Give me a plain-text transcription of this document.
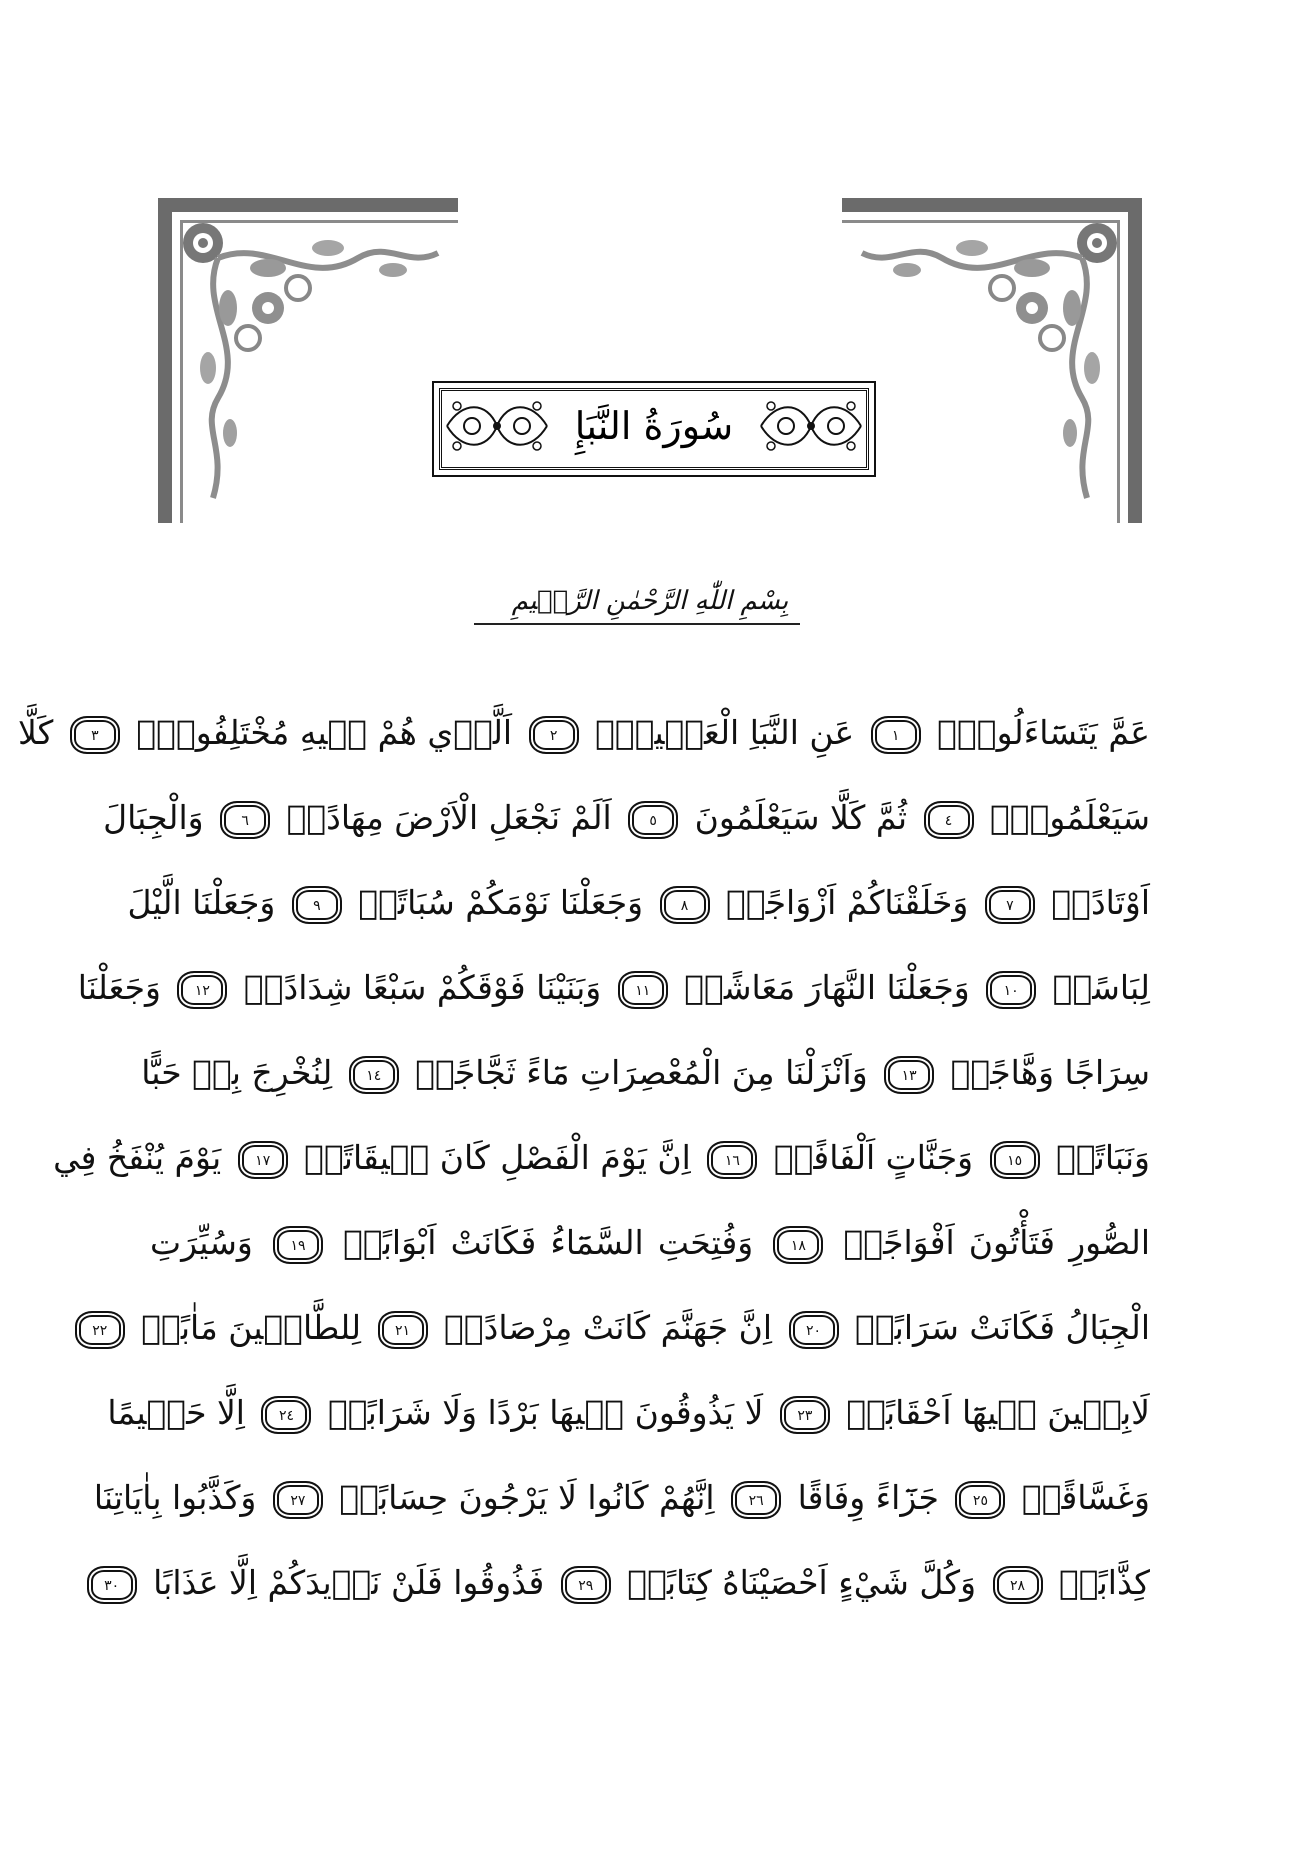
سُورَةُ النَّبَإِ
بِسْمِ اللّٰهِ الرَّحْمٰنِ الرَّح۪يمِ
عَمَّ يَتَسَٓاءَلُونَۚ
١
عَنِ النَّبَاِ الْعَظ۪يمِۙ
٢
اَلَّذ۪ي هُمْ ف۪يهِ مُخْتَلِفُونَۜ
٣
كَلَّا
سَيَعْلَمُونَۙ
٤
ثُمَّ كَلَّا سَيَعْلَمُونَ
٥
اَلَمْ نَجْعَلِ الْاَرْضَ مِهَادًاۙ
٦
وَالْجِبَالَ
اَوْتَادًاۖ
٧
وَخَلَقْنَاكُمْ اَزْوَاجًاۙ
٨
وَجَعَلْنَا نَوْمَكُمْ سُبَاتًاۙ
٩
وَجَعَلْنَا الَّيْلَ
لِبَاسًاۙ
١٠
وَجَعَلْنَا النَّهَارَ مَعَاشًاۖ
١١
وَبَنَيْنَا فَوْقَكُمْ سَبْعًا شِدَادًاۙ
١٢
وَجَعَلْنَا
سِرَاجًا وَهَّاجًاۖ
١٣
وَاَنْزَلْنَا مِنَ الْمُعْصِرَاتِ مَٓاءً ثَجَّاجًاۙ
١٤
لِنُخْرِجَ بِه۪ حَبًّا
وَنَبَاتًاۙ
١٥
وَجَنَّاتٍ اَلْفَافًاۜ
١٦
اِنَّ يَوْمَ الْفَصْلِ كَانَ م۪يقَاتًاۙ
١٧
يَوْمَ يُنْفَخُ فِي
الصُّورِ فَتَأْتُونَ اَفْوَاجًاۙ
١٨
وَفُتِحَتِ السَّمَٓاءُ فَكَانَتْ اَبْوَابًاۙ
١٩
وَسُيِّرَتِ
الْجِبَالُ فَكَانَتْ سَرَابًاۜ
٢٠
اِنَّ جَهَنَّمَ كَانَتْ مِرْصَادًاۙ
٢١
لِلطَّاغ۪ينَ مَاٰبًاۙ
٢٢
لَابِث۪ينَ ف۪يهَٓا اَحْقَابًاۚ
٢٣
لَا يَذُوقُونَ ف۪يهَا بَرْدًا وَلَا شَرَابًاۙ
٢٤
اِلَّا حَم۪يمًا
وَغَسَّاقًاۙ
٢٥
جَزَٓاءً وِفَاقًا
٢٦
اِنَّهُمْ كَانُوا لَا يَرْجُونَ حِسَابًاۙ
٢٧
وَكَذَّبُوا بِاٰيَاتِنَا
كِذَّابًاۜ
٢٨
وَكُلَّ شَيْءٍ اَحْصَيْنَاهُ كِتَابًاۙ
٢٩
فَذُوقُوا فَلَنْ نَز۪يدَكُمْ اِلَّا عَذَابًا
٣٠
